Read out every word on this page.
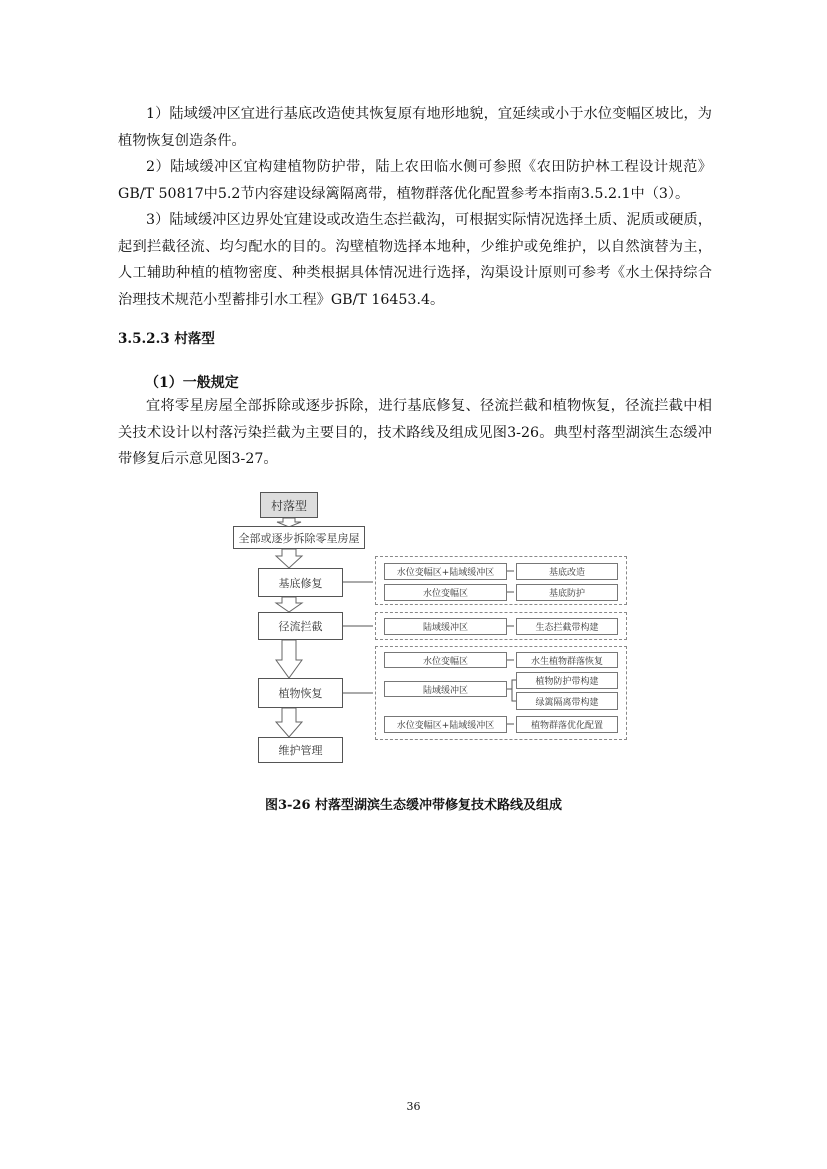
1）陆域缓冲区宜进行基底改造使其恢复原有地形地貌，宜延续或小于水位变幅区坡比，为植物恢复创造条件。

2）陆域缓冲区宜构建植物防护带，陆上农田临水侧可参照《农田防护林工程设计规范》GB/T 50817中5.2节内容建设绿篱隔离带，植物群落优化配置参考本指南3.5.2.1中（3）。

3）陆域缓冲区边界处宜建设或改造生态拦截沟，可根据实际情况选择土质、泥质或硬质，起到拦截径流、均匀配水的目的。沟壁植物选择本地种，少维护或免维护，以自然演替为主，人工辅助种植的植物密度、种类根据具体情况进行选择，沟渠设计原则可参考《水土保持综合治理技术规范小型蓄排引水工程》GB/T 16453.4。

3.5.2.3 村落型

（1）一般规定

宜将零星房屋全部拆除或逐步拆除，进行基底修复、径流拦截和植物恢复，径流拦截中相关技术设计以村落污染拦截为主要目的，技术路线及组成见图3-26。典型村落型湖滨生态缓冲带修复后示意见图3-27。

村落型
全部或逐步拆除零星房屋
基底修复
径流拦截
植物恢复
维护管理
水位变幅区+陆域缓冲区
水位变幅区
陆域缓冲区
水位变幅区
陆域缓冲区
水位变幅区+陆域缓冲区
基底改造
基底防护
生态拦截带构建
水生植物群落恢复
植物防护带构建
绿篱隔离带构建
植物群落优化配置
图3-26 村落型湖滨生态缓冲带修复技术路线及组成
36
